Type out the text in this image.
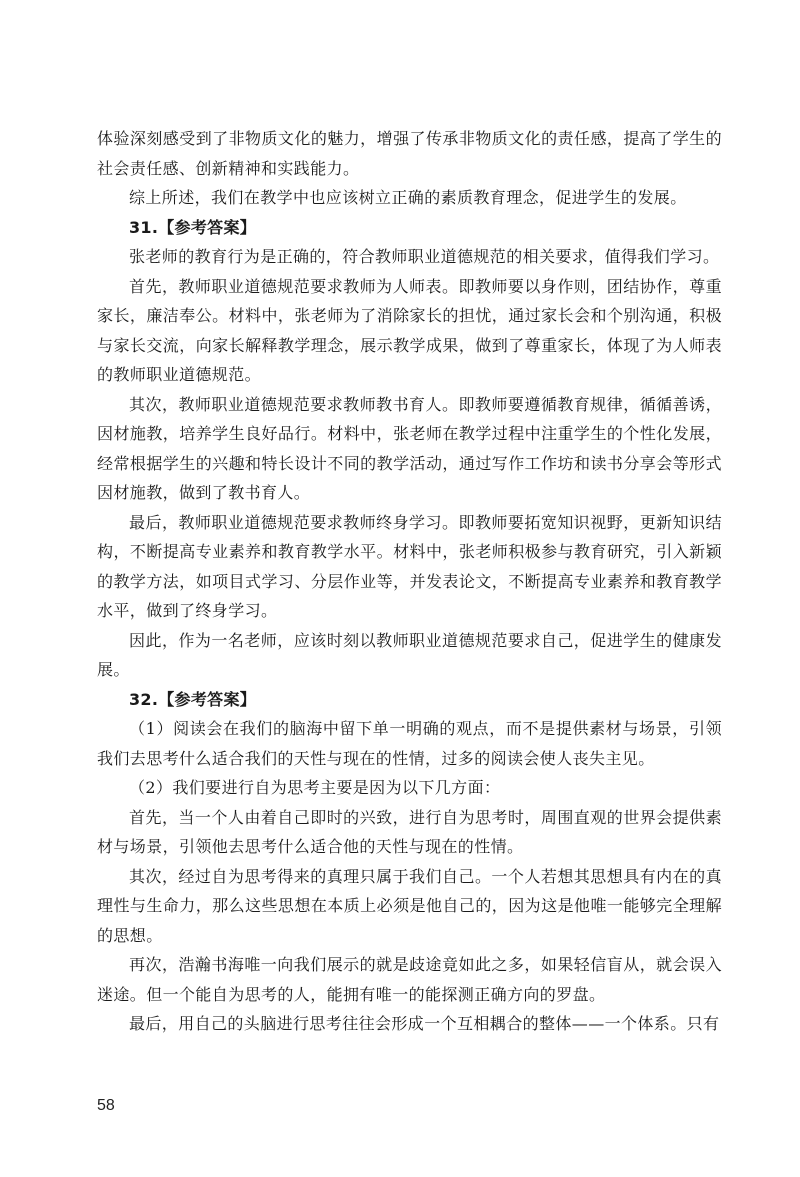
体验深刻感受到了非物质文化的魅力，增强了传承非物质文化的责任感，提高了学生的社会责任感、创新精神和实践能力。

综上所述，我们在教学中也应该树立正确的素质教育理念，促进学生的发展。

31.【参考答案】

张老师的教育行为是正确的，符合教师职业道德规范的相关要求，值得我们学习。

首先，教师职业道德规范要求教师为人师表。即教师要以身作则，团结协作，尊重家长，廉洁奉公。材料中，张老师为了消除家长的担忧，通过家长会和个别沟通，积极与家长交流，向家长解释教学理念，展示教学成果，做到了尊重家长，体现了为人师表的教师职业道德规范。

其次，教师职业道德规范要求教师教书育人。即教师要遵循教育规律，循循善诱，因材施教，培养学生良好品行。材料中，张老师在教学过程中注重学生的个性化发展，经常根据学生的兴趣和特长设计不同的教学活动，通过写作工作坊和读书分享会等形式因材施教，做到了教书育人。

最后，教师职业道德规范要求教师终身学习。即教师要拓宽知识视野，更新知识结构，不断提高专业素养和教育教学水平。材料中，张老师积极参与教育研究，引入新颖的教学方法，如项目式学习、分层作业等，并发表论文，不断提高专业素养和教育教学水平，做到了终身学习。

因此，作为一名老师，应该时刻以教师职业道德规范要求自己，促进学生的健康发展。

32.【参考答案】

（1）阅读会在我们的脑海中留下单一明确的观点，而不是提供素材与场景，引领我们去思考什么适合我们的天性与现在的性情，过多的阅读会使人丧失主见。

（2）我们要进行自为思考主要是因为以下几方面：

首先，当一个人由着自己即时的兴致，进行自为思考时，周围直观的世界会提供素材与场景，引领他去思考什么适合他的天性与现在的性情。

其次，经过自为思考得来的真理只属于我们自己。一个人若想其思想具有内在的真理性与生命力，那么这些思想在本质上必须是他自己的，因为这是他唯一能够完全理解的思想。

再次，浩瀚书海唯一向我们展示的就是歧途竟如此之多，如果轻信盲从，就会误入迷途。但一个能自为思考的人，能拥有唯一的能探测正确方向的罗盘。

最后，用自己的头脑进行思考往往会形成一个互相耦合的整体——一个体系。只有

58
